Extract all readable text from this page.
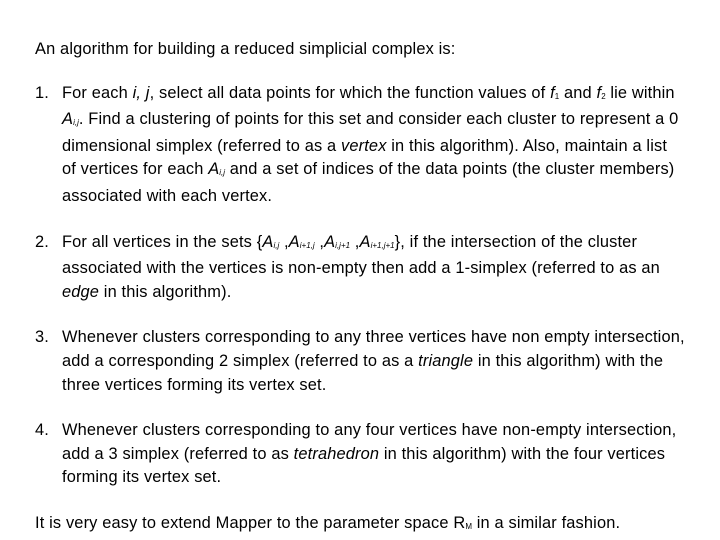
An algorithm for building a reduced simplicial complex is:

1. For each i, j, select all data points for which the function values of $f_1$ and $f_2$ lie within $A_{i,j}$. Find a clustering of points for this set and consider each cluster to represent a 0 dimensional simplex (referred to as a vertex in this algorithm). Also, maintain a list of vertices for each $A_{i,j}$ and a set of indices of the data points (the cluster members) associated with each vertex.
2. For all vertices in the sets {$A_{i,j}$ $,A_{i+1,j}$ $,A_{i,j+1}$ $,A_{i+1,j+1}$}, if the intersection of the cluster associated with the vertices is non-empty then add a 1-simplex (referred to as an edge in this algorithm).
3. Whenever clusters corresponding to any three vertices have non empty intersection, add a corresponding 2 simplex (referred to as a triangle in this algorithm) with the three vertices forming its vertex set.
4. Whenever clusters corresponding to any four vertices have non-empty intersection, add a 3 simplex (referred to as tetrahedron in this algorithm) with the four vertices forming its vertex set.

It is very easy to extend Mapper to the parameter space $R_M$ in a similar fashion.
